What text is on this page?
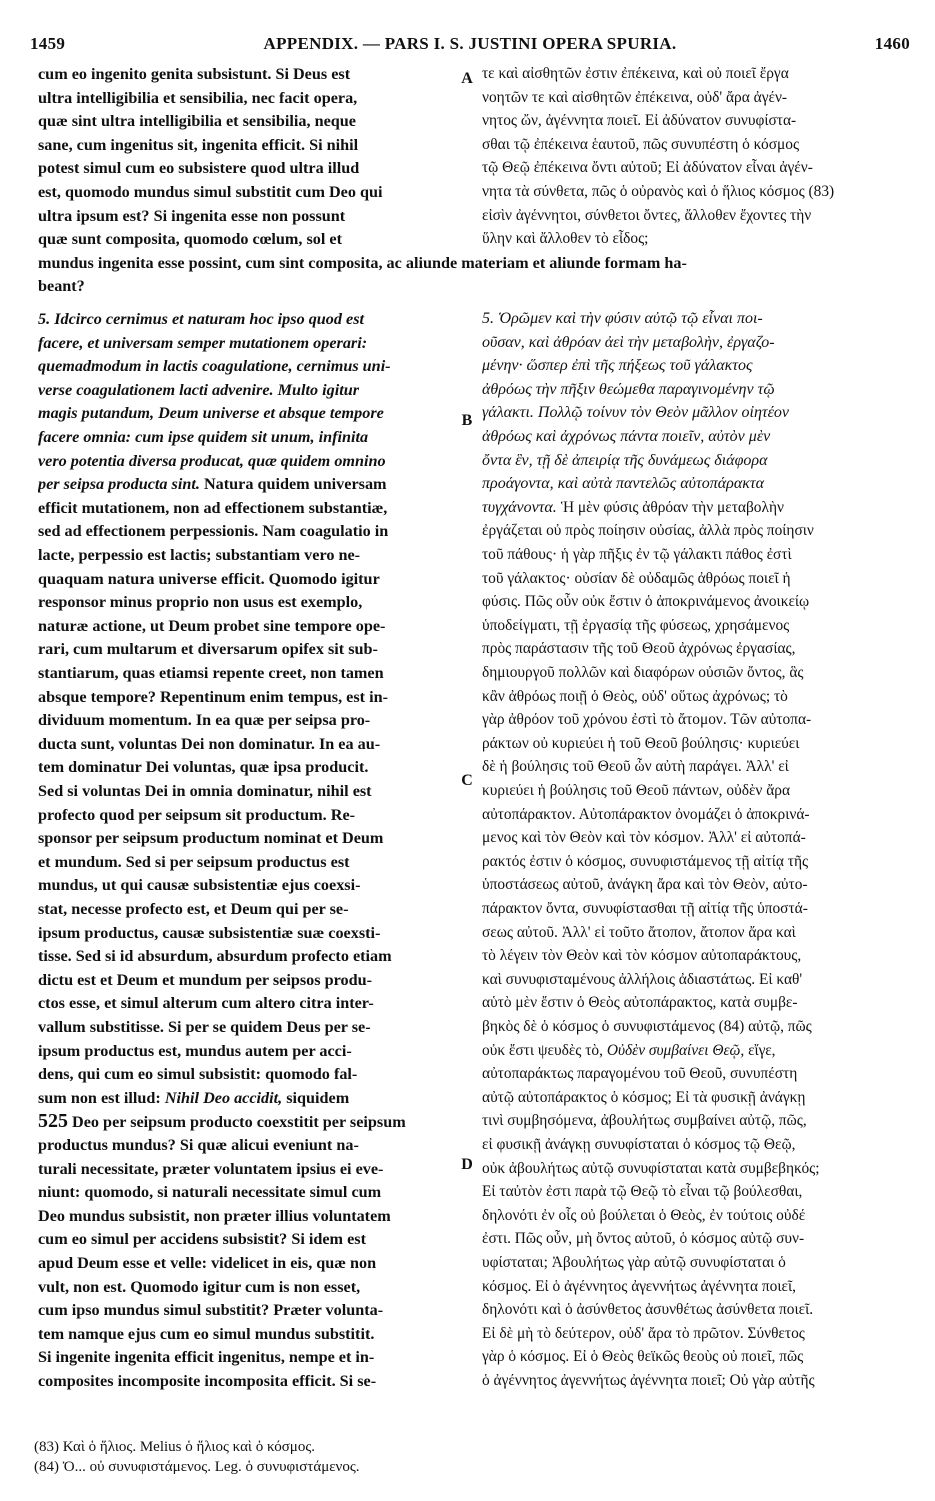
APPENDIX. — PARS I. S. JUSTINI OPERA SPURIA.
1459	1460
A
B
C
D
cum eo ingenito genita subsistunt. Si Deus est
ultra intelligibilia et sensibilia, nec facit opera,
quæ sint ultra intelligibilia et sensibilia, neque
sane, cum ingenitus sit, ingenita efficit. Si nihil
potest simul cum eo subsistere quod ultra illud
est, quomodo mundus simul substitit cum Deo qui
ultra ipsum est? Si ingenita esse non possunt
quæ sunt composita, quomodo cœlum, sol et
τε καὶ αἰσθητῶν ἐστιν ἐπέκεινα, καὶ οὐ ποιεῖ ἔργα
νοητῶν τε καὶ αἰσθητῶν ἐπέκεινα, οὐδ' ἄρα ἀγέν-
νητος ὤν, ἀγέννητα ποιεῖ. Εἰ ἀδύνατον συνυφίστα-
σθαι τῷ ἐπέκεινα ἑαυτοῦ, πῶς συνυπέστη ὁ κόσμος
τῷ Θεῷ ἐπέκεινα ὄντι αὐτοῦ; Εἰ ἀδύνατον εἶναι ἀγέν-
νητα τὰ σύνθετα, πῶς ὁ οὐρανὸς καὶ ὁ ἥλιος κόσμος (83)
εἰσὶν ἀγέννητοι, σύνθετοι ὄντες, ἄλλοθεν ἔχοντες τὴν
ὕλην καὶ ἄλλοθεν τὸ εἶδος;
mundus ingenita esse possint, cum sint composita, ac aliunde materiam et aliunde formam ha-
beant?
5. Idcirco cernimus et naturam hoc ipso quod est
facere, et universam semper mutationem operari:
quemadmodum in lactis coagulatione, cernimus uni-
verse coagulationem lacti advenire. Multo igitur
magis putandum, Deum universe et absque tempore
facere omnia: cum ipse quidem sit unum, infinita
vero potentia diversa producat, quæ quidem omnino
per seipsa producta sint. Natura quidem universam
efficit mutationem, non ad effectionem substantiæ,
sed ad effectionem perpessionis. Nam coagulatio in
lacte, perpessio est lactis; substantiam vero ne-
quaquam natura universe efficit. Quomodo igitur
responsor minus proprio non usus est exemplo,
naturæ actione, ut Deum probet sine tempore ope-
rari, cum multarum et diversarum opifex sit sub-
stantiarum, quas etiamsi repente creet, non tamen
absque tempore? Repentinum enim tempus, est in-
dividuum momentum. In ea quæ per seipsa pro-
ducta sunt, voluntas Dei non dominatur. In ea au-
tem dominatur Dei voluntas, quæ ipsa producit.
Sed si voluntas Dei in omnia dominatur, nihil est
profecto quod per seipsum sit productum. Re-
sponsor per seipsum productum nominat et Deum
et mundum. Sed si per seipsum productus est
mundus, ut qui causæ subsistentiæ ejus coexsi-
stat, necesse profecto est, et Deum qui per se-
ipsum productus, causæ subsistentiæ suæ coexsti-
tisse. Sed si id absurdum, absurdum profecto etiam
dictu est et Deum et mundum per seipsos produ-
ctos esse, et simul alterum cum altero citra inter-
vallum substitisse. Si per se quidem Deus per se-
ipsum productus est, mundus autem per acci-
dens, qui cum eo simul subsistit: quomodo fal-
sum non est illud: Nihil Deo accidit, siquidem
525 Deo per seipsum producto coexstitit per seipsum
productus mundus? Si quæ alicui eveniunt na-
turali necessitate, præter voluntatem ipsius ei eve-
niunt: quomodo, si naturali necessitate simul cum
Deo mundus subsistit, non præter illius voluntatem
cum eo simul per accidens subsistit? Si idem est
apud Deum esse et velle: videlicet in eis, quæ non
vult, non est. Quomodo igitur cum is non esset,
cum ipso mundus simul substitit? Præter volunta-
tem namque ejus cum eo simul mundus substitit.
Si ingenite ingenita efficit ingenitus, nempe et in-
composites incomposite incomposita efficit. Si se-
5. Ὁρῶμεν καὶ τὴν φύσιν αὐτῷ τῷ εἶναι ποι-
οῦσαν, καὶ ἀθρόαν ἀεὶ τὴν μεταβολὴν, ἐργαζο-
μένην· ὥσπερ ἐπὶ τῆς πήξεως τοῦ γάλακτος
ἀθρόως τὴν πῆξιν θεώμεθα παραγινομένην τῷ
γάλακτι. Πολλῷ τοίνυν τὸν Θεὸν μᾶλλον οἰητέον
ἀθρόως καὶ ἀχρόνως πάντα ποιεῖν, αὐτὸν μὲν
ὄντα ἓν, τῇ δὲ ἀπειρίᾳ τῆς δυνάμεως διάφορα
προάγοντα, καὶ αὐτὰ παντελῶς αὐτοπάρακτα
τυγχάνοντα. Ἡ μὲν φύσις ἀθρόαν τὴν μεταβολὴν
ἐργάζεται οὐ πρὸς ποίησιν οὐσίας, ἀλλὰ πρὸς ποίησιν
τοῦ πάθους· ἡ γὰρ πῆξις ἐν τῷ γάλακτι πάθος ἐστὶ
τοῦ γάλακτος· οὐσίαν δὲ οὐδαμῶς ἀθρόως ποιεῖ ἡ
φύσις. Πῶς οὖν οὐκ ἔστιν ὁ ἀποκρινάμενος ἀνοικείῳ
ὑποδείγματι, τῇ ἐργασίᾳ τῆς φύσεως, χρησάμενος
πρὸς παράστασιν τῆς τοῦ Θεοῦ ἀχρόνως ἐργασίας,
δημιουργοῦ πολλῶν καὶ διαφόρων οὐσιῶν ὄντος, ἃς
κἂν ἀθρόως ποιῇ ὁ Θεὸς, οὐδ' οὕτως ἀχρόνως; τὸ
γὰρ ἀθρόον τοῦ χρόνου ἐστὶ τὸ ἄτομον. Τῶν αὐτοπα-
ράκτων οὐ κυριεύει ἡ τοῦ Θεοῦ βούλησις· κυριεύει
δὲ ἡ βούλησις τοῦ Θεοῦ ὧν αὐτὴ παράγει. Ἀλλ' εἰ
κυριεύει ἡ βούλησις τοῦ Θεοῦ πάντων, οὐδὲν ἄρα
αὐτοπάρακτον. Αὐτοπάρακτον ὀνομάζει ὁ ἀποκρινά-
μενος καὶ τὸν Θεὸν καὶ τὸν κόσμον. Ἀλλ' εἰ αὐτοπά-
ρακτός ἐστιν ὁ κόσμος, συνυφιστάμενος τῇ αἰτίᾳ τῆς
ὑποστάσεως αὐτοῦ, ἀνάγκη ἄρα καὶ τὸν Θεὸν, αὐτο-
πάρακτον ὄντα, συνυφίστασθαι τῇ αἰτίᾳ τῆς ὑποστά-
σεως αὐτοῦ. Ἀλλ' εἰ τοῦτο ἄτοπον, ἄτοπον ἄρα καὶ
τὸ λέγειν τὸν Θεὸν καὶ τὸν κόσμον αὐτοπαράκτους,
καὶ συνυφισταμένους ἀλλήλοις ἀδιαστάτως. Εἰ καθ'
αὑτὸ μὲν ἔστιν ὁ Θεὸς αὐτοπάρακτος, κατὰ συμβε-
βηκὸς δὲ ὁ κόσμος ὁ συνυφιστάμενος (84) αὐτῷ, πῶς
οὐκ ἔστι ψευδὲς τὸ, Οὐδὲν συμβαίνει Θεῷ, εἴγε,
αὐτοπαράκτως παραγομένου τοῦ Θεοῦ, συνυπέστη
αὐτῷ αὐτοπάρακτος ὁ κόσμος; Εἰ τὰ φυσικῇ ἀνάγκῃ
τινὶ συμβησόμενα, ἀβουλήτως συμβαίνει αὐτῷ, πῶς,
εἰ φυσικῇ ἀνάγκῃ συνυφίσταται ὁ κόσμος τῷ Θεῷ,
οὐκ ἀβουλήτως αὐτῷ συνυφίσταται κατὰ συμβεβηκός;
Εἰ ταὐτὸν ἐστι παρὰ τῷ Θεῷ τὸ εἶναι τῷ βούλεσθαι,
δηλονότι ἐν οἷς οὐ βούλεται ὁ Θεὸς, ἐν τούτοις οὐδέ
ἐστι. Πῶς οὖν, μὴ ὄντος αὐτοῦ, ὁ κόσμος αὐτῷ συν-
υφίσταται; Ἀβουλήτως γὰρ αὐτῷ συνυφίσταται ὁ
κόσμος. Εἰ ὁ ἀγέννητος ἀγεννήτως ἀγέννητα ποιεῖ,
δηλονότι καὶ ὁ ἀσύνθετος ἀσυνθέτως ἀσύνθετα ποιεῖ.
Εἰ δὲ μὴ τὸ δεύτερον, οὐδ' ἄρα τὸ πρῶτον. Σύνθετος
γὰρ ὁ κόσμος. Εἰ ὁ Θεὸς θεϊκῶς θεοὺς οὐ ποιεῖ, πῶς
ὁ ἀγέννητος ἀγεννήτως ἀγέννητα ποιεῖ; Οὐ γὰρ αὐτῆς
(83) Καὶ ὁ ἥλιος. Melius ὁ ἥλιος καὶ ὁ κόσμος.
(84) Ὁ... οὐ συνυφιστάμενος. Leg. ὁ συνυφιστάμενος.
